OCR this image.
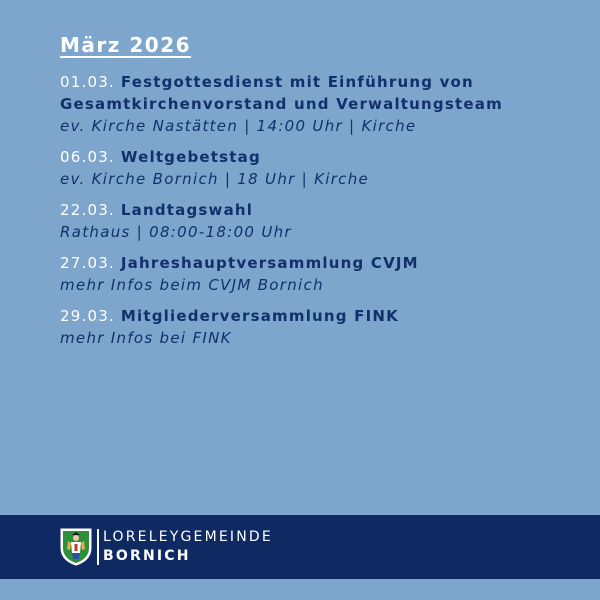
März 2026
01.03. Festgottesdienst mit Einführung von
Gesamtkirchenvorstand und Verwaltungsteam
ev. Kirche Nastätten | 14:00 Uhr | Kirche
06.03. Weltgebetstag
ev. Kirche Bornich | 18 Uhr | Kirche
22.03. Landtagswahl
Rathaus | 08:00-18:00 Uhr
27.03. Jahreshauptversammlung CVJM
mehr Infos beim CVJM Bornich
29.03. Mitgliederversammlung FINK
mehr Infos bei FINK
LORELEYGEMEINDE
BORNICH
